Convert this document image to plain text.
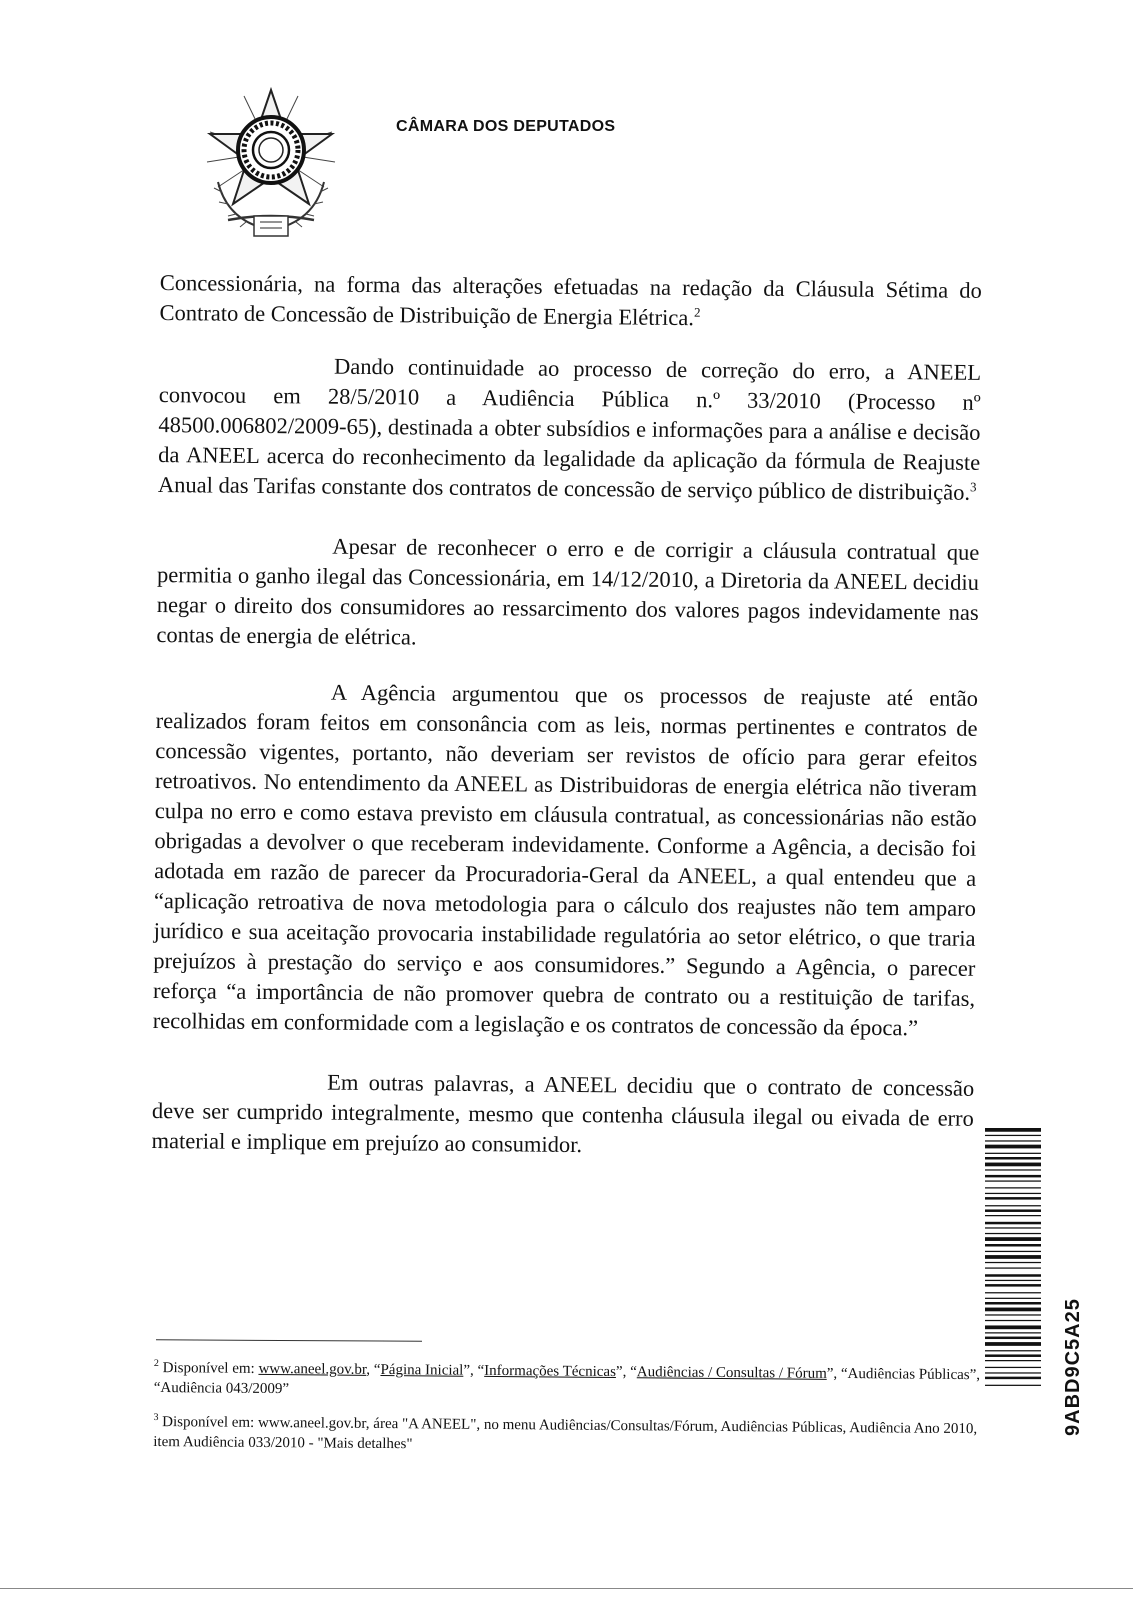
CÂMARA DOS DEPUTADOS

Concessionária, na forma das alterações efetuadas na redação da Cláusula Sétima do Contrato de Concessão de Distribuição de Energia Elétrica.$^2$

Dando continuidade ao processo de correção do erro, a ANEEL convocou em 28/5/2010 a Audiência Pública n.º 33/2010 (Processo nº 48500.006802/2009-65), destinada a obter subsídios e informações para a análise e decisão da ANEEL acerca do reconhecimento da legalidade da aplicação da fórmula de Reajuste Anual das Tarifas constante dos contratos de concessão de serviço público de distribuição.$^3$

Apesar de reconhecer o erro e de corrigir a cláusula contratual que permitia o ganho ilegal das Concessionária, em 14/12/2010, a Diretoria da ANEEL decidiu negar o direito dos consumidores ao ressarcimento dos valores pagos indevidamente nas contas de energia de elétrica.

A Agência argumentou que os processos de reajuste até então realizados foram feitos em consonância com as leis, normas pertinentes e contratos de concessão vigentes, portanto, não deveriam ser revistos de ofício para gerar efeitos retroativos. No entendimento da ANEEL as Distribuidoras de energia elétrica não tiveram culpa no erro e como estava previsto em cláusula contratual, as concessionárias não estão obrigadas a devolver o que receberam indevidamente. Conforme a Agência, a decisão foi adotada em razão de parecer da Procuradoria-Geral da ANEEL, a qual entendeu que a “aplicação retroativa de nova metodologia para o cálculo dos reajustes não tem amparo jurídico e sua aceitação provocaria instabilidade regulatória ao setor elétrico, o que traria prejuízos à prestação do serviço e aos consumidores.” Segundo a Agência, o parecer reforça “a importância de não promover quebra de contrato ou a restituição de tarifas, recolhidas em conformidade com a legislação e os contratos de concessão da época.”

Em outras palavras, a ANEEL decidiu que o contrato de concessão deve ser cumprido integralmente, mesmo que contenha cláusula ilegal ou eivada de erro material e implique em prejuízo ao consumidor.

$^2$ Disponível em: www.aneel.gov.br, “Página Inicial”, “Informações Técnicas”, “Audiências / Consultas / Fórum”, “Audiências Públicas”, “Audiência 043/2009”

$^3$ Disponível em: www.aneel.gov.br, área "A ANEEL", no menu Audiências/Consultas/Fórum, Audiências Públicas, Audiência Ano 2010, item Audiência 033/2010 - "Mais detalhes"

9ABD9C5A25
